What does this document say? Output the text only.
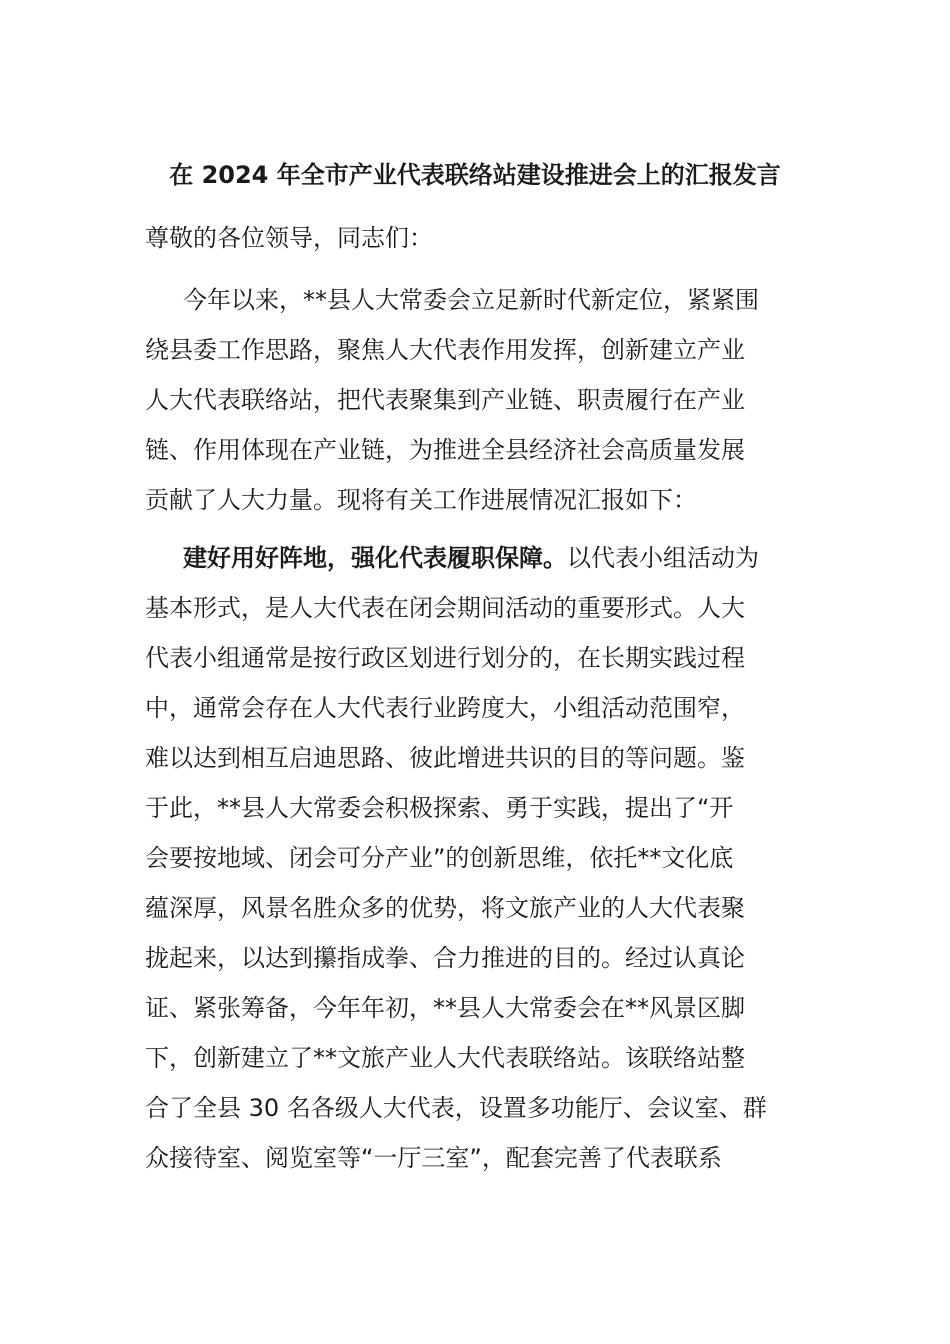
在 2024 年全市产业代表联络站建设推进会上的汇报发言
尊敬的各位领导，同志们：
今年以来，**县人大常委会立足新时代新定位，紧紧围
绕县委工作思路，聚焦人大代表作用发挥，创新建立产业
人大代表联络站，把代表聚集到产业链、职责履行在产业
链、作用体现在产业链，为推进全县经济社会高质量发展
贡献了人大力量。现将有关工作进展情况汇报如下：
建好用好阵地，强化代表履职保障。以代表小组活动为
基本形式，是人大代表在闭会期间活动的重要形式。人大
代表小组通常是按行政区划进行划分的，在长期实践过程
中，通常会存在人大代表行业跨度大，小组活动范围窄，
难以达到相互启迪思路、彼此增进共识的目的等问题。鉴
于此，**县人大常委会积极探索、勇于实践，提出了“开
会要按地域、闭会可分产业”的创新思维，依托**文化底
蕴深厚，风景名胜众多的优势，将文旅产业的人大代表聚
拢起来，以达到攥指成拳、合力推进的目的。经过认真论
证、紧张筹备，今年年初，**县人大常委会在**风景区脚
下，创新建立了**文旅产业人大代表联络站。该联络站整
合了全县 30 名各级人大代表，设置多功能厅、会议室、群
众接待室、阅览室等“一厅三室”，配套完善了代表联系
